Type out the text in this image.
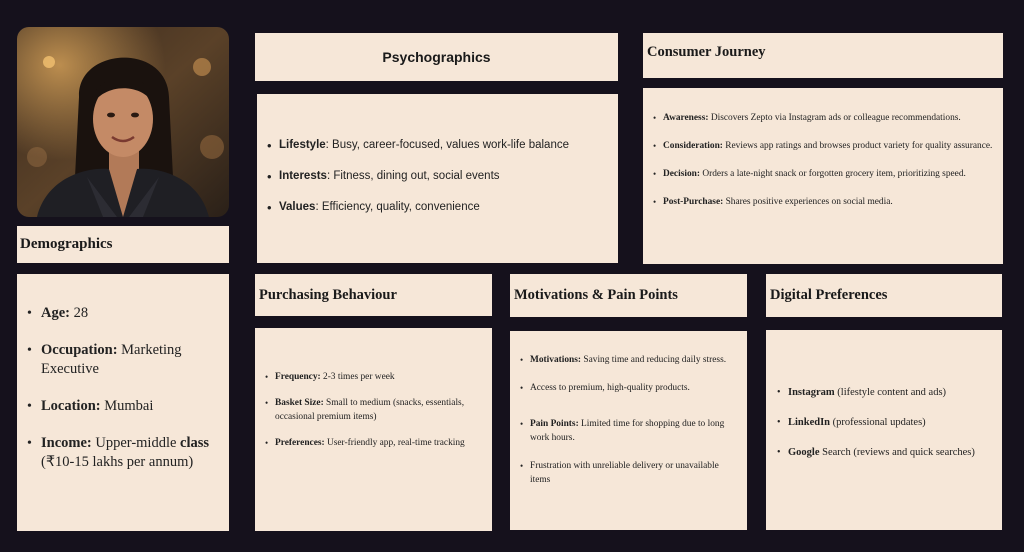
Demographics
• Age: 28
• Occupation: Marketing Executive
• Location: Mumbai
• Income: Upper-middle class (₹10-15 lakhs per annum)
Psychographics
• Lifestyle: Busy, career-focused, values work-life balance
• Interests: Fitness, dining out, social events
• Values: Efficiency, quality, convenience
Consumer Journey
• Awareness: Discovers Zepto via Instagram ads or colleague recommendations.
• Consideration: Reviews app ratings and browses product variety for quality assurance.
• Decision: Orders a late-night snack or forgotten grocery item, prioritizing speed.
• Post-Purchase: Shares positive experiences on social media.
Purchasing Behaviour
• Frequency: 2-3 times per week
• Basket Size: Small to medium (snacks, essentials, occasional premium items)
• Preferences: User-friendly app, real-time tracking
Motivations & Pain Points
• Motivations: Saving time and reducing daily stress.
• Access to premium, high-quality products.
• Pain Points: Limited time for shopping due to long work hours.
• Frustration with unreliable delivery or unavailable items
Digital Preferences
• Instagram (lifestyle content and ads)
• LinkedIn (professional updates)
• Google Search (reviews and quick searches)
